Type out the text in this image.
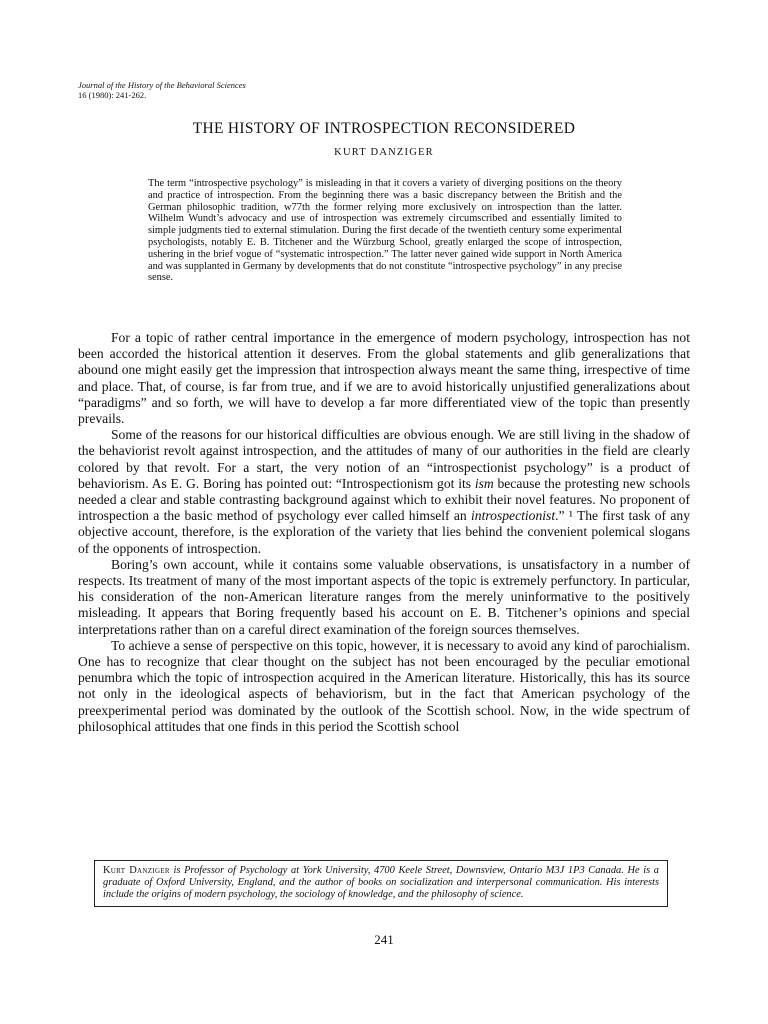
Journal of the History of the Behavioral Sciences
16 (1980): 241-262.
THE HISTORY OF INTROSPECTION RECONSIDERED
KURT DANZIGER

The term “introspective psychology” is misleading in that it covers a variety of diverging positions on the theory and practice of introspection. From the beginning there was a basic discrepancy between the British and the German philosophic tradition, w77th the former relying more exclusively on introspection than the latter. Wilhelm Wundt’s advocacy and use of introspection was extremely circumscribed and essentially limited to simple judgments tied to external stimulation. During the first decade of the twentieth century some experimental psychologists, notably E. B. Titchener and the Würzburg School, greatly enlarged the scope of introspection, ushering in the brief vogue of “systematic introspection.” The latter never gained wide support in North America and was supplanted in Germany by developments that do not constitute “introspective psychology” in any precise sense.

For a topic of rather central importance in the emergence of modern psychology, introspection has not been accorded the historical attention it deserves. From the global statements and glib generalizations that abound one might easily get the impression that introspection always meant the same thing, irrespective of time and place. That, of course, is far from true, and if we are to avoid historically unjustified generalizations about “paradigms” and so forth, we will have to develop a far more differentiated view of the topic than presently prevails.

Some of the reasons for our historical difficulties are obvious enough. We are still living in the shadow of the behaviorist revolt against introspection, and the attitudes of many of our authorities in the field are clearly colored by that revolt. For a start, the very notion of an “introspectionist psychology” is a product of behaviorism. As E. G. Boring has pointed out: “Introspectionism got its ism because the protesting new schools needed a clear and stable contrasting background against which to exhibit their novel features. No proponent of introspection a the basic method of psychology ever called himself an introspectionist.” ¹ The first task of any objective account, therefore, is the exploration of the variety that lies behind the convenient polemical slogans of the opponents of introspection.

Boring’s own account, while it contains some valuable observations, is unsatisfactory in a number of respects. Its treatment of many of the most important aspects of the topic is extremely perfunctory. In particular, his consideration of the non-American literature ranges from the merely uninformative to the positively misleading. It appears that Boring frequently based his account on E. B. Titchener’s opinions and special interpretations rather than on a careful direct examination of the foreign sources themselves.

To achieve a sense of perspective on this topic, however, it is necessary to avoid any kind of parochialism. One has to recognize that clear thought on the subject has not been encouraged by the peculiar emotional penumbra which the topic of introspection acquired in the American literature. Historically, this has its source not only in the ideological aspects of behaviorism, but in the fact that American psychology of the preexperimental period was dominated by the outlook of the Scottish school. Now, in the wide spectrum of philosophical attitudes that one finds in this period the Scottish school

Kurt Danziger is Professor of Psychology at York University, 4700 Keele Street, Downsview, Ontario M3J 1P3 Canada. He is a graduate of Oxford University, England, and the author of books on socialization and interpersonal communication. His interests include the origins of modern psychology, the sociology of knowledge, and the philosophy of science.
241
